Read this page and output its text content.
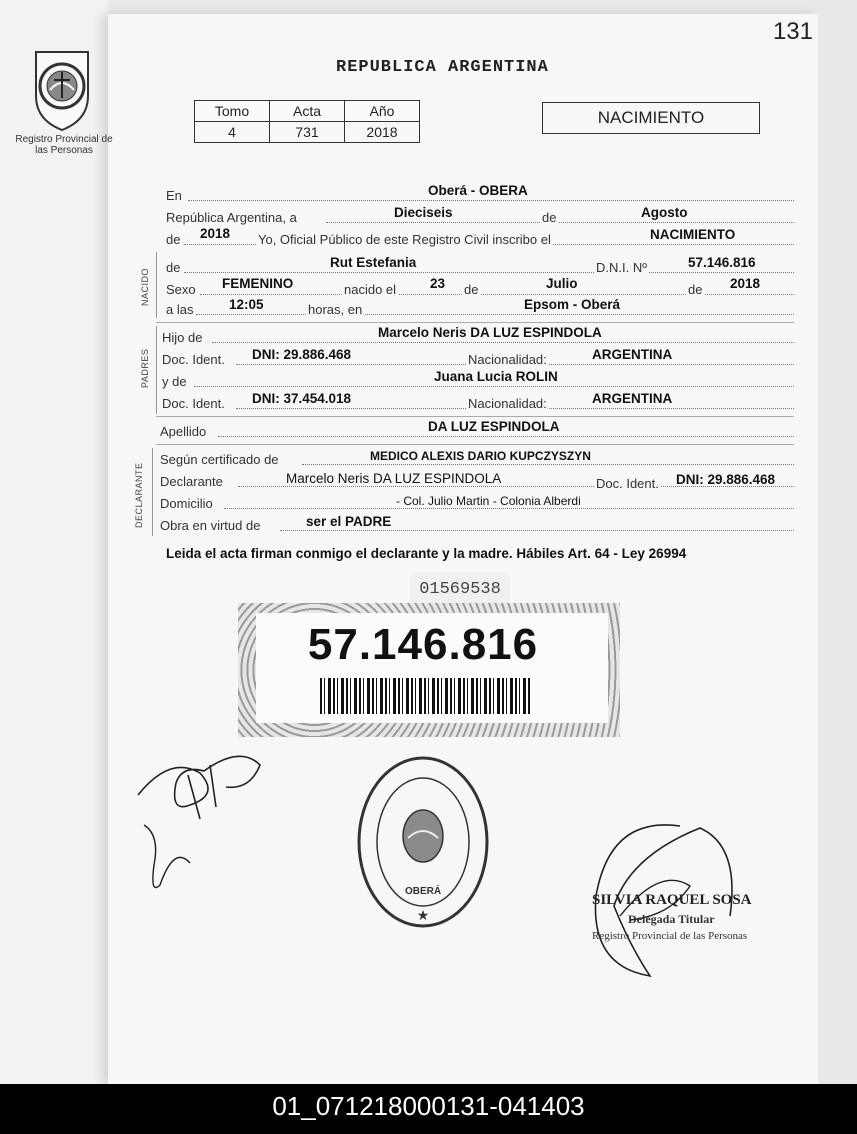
131
Registro Provincial de las Personas
REPUBLICA ARGENTINA
Tomo	Acta	Año
4	731	2018
NACIMIENTO
En	Oberá - OBERA
República Argentina, a	Dieciseis	de	Agosto
de 2018 Yo, Oficial Público de este Registro Civil inscribo el	NACIMIENTO
NACIDO
de	Rut Estefania	D.N.I. Nº	57.146.816
Sexo FEMENINO	nacido el	23 de	Julio	de 2018
a las	12:05	horas, en	Epsom - Oberá
PADRES
Hijo de	Marcelo Neris DA LUZ ESPINDOLA
Doc. Ident. DNI: 29.886.468	Nacionalidad:	ARGENTINA
y de	Juana Lucia ROLIN
Doc. Ident. DNI: 37.454.018	Nacionalidad:	ARGENTINA
Apellido	DA LUZ ESPINDOLA
DECLARANTE
Según certificado de	MEDICO ALEXIS DARIO KUPCZYSZYN
Declarante	Marcelo Neris DA LUZ ESPINDOLA	Doc. Ident. DNI: 29.886.468
Domicilio	- Col. Julio Martin - Colonia Alberdi
Obra en virtud de	ser el PADRE
Leida el acta firman conmigo el declarante y la madre. Hábiles Art. 64 - Ley 26994
01569538
57.146.816
OBERÁ
★
SILVIA RAQUEL SOSA
Delegada Titular
Registro Provincial de las Personas
01_071218000131-041403
